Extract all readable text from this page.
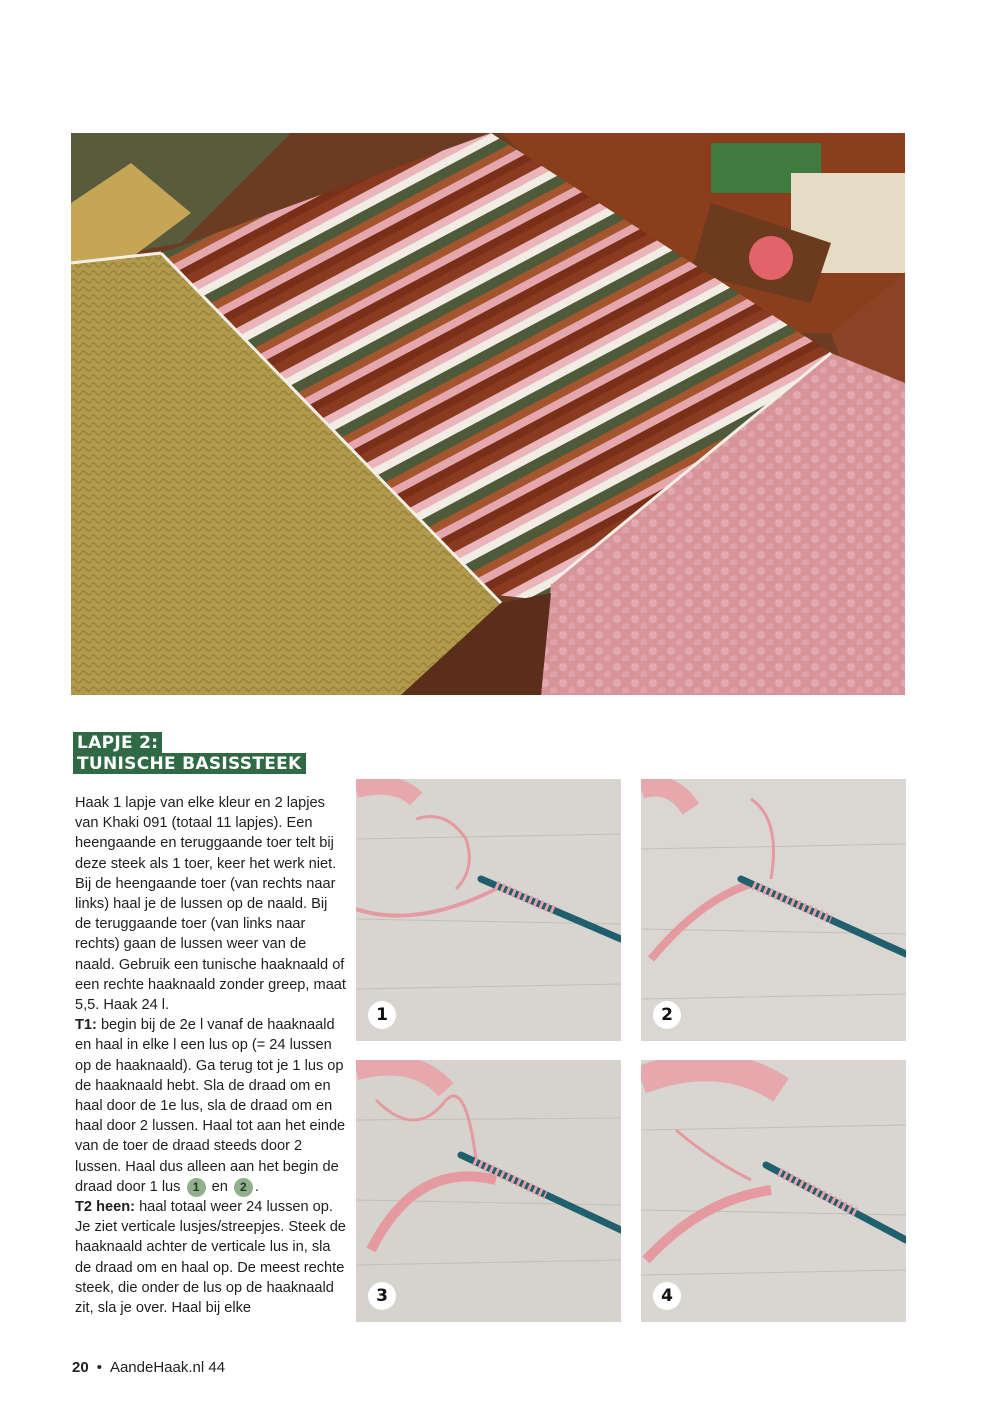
LAPJE 2:
TUNISCHE BASISSTEEK

Haak 1 lapje van elke kleur en 2 lapjes van Khaki 091 (totaal 11 lapjes). Een heengaande en teruggaande toer telt bij deze steek als 1 toer, keer het werk niet. Bij de heengaande toer (van rechts naar links) haal je de lussen op de naald. Bij de teruggaande toer (van links naar rechts) gaan de lussen weer van de naald. Gebruik een tunische haaknaald of een rechte haaknaald zonder greep, maat 5,5. Haak 24 l.
T1: begin bij de 2e l vanaf de haaknaald en haal in elke l een lus op (= 24 lussen op de haaknaald). Ga terug tot je 1 lus op de haaknaald hebt. Sla de draad om en haal door de 1e lus, sla de draad om en haal door 2 lussen. Haal tot aan het einde van de toer de draad steeds door 2 lussen. Haal dus alleen aan het begin de draad door 1 lus 1 en 2 .
T2 heen: haal totaal weer 24 lussen op. Je ziet verticale lusjes/streepjes. Steek de haaknaald achter de verticale lus in, sla de draad om en haal op. De meest rechte steek, die onder de lus op de haaknaald zit, sla je over. Haal bij elke

1	2
3	4
20 • AandeHaak.nl 44
